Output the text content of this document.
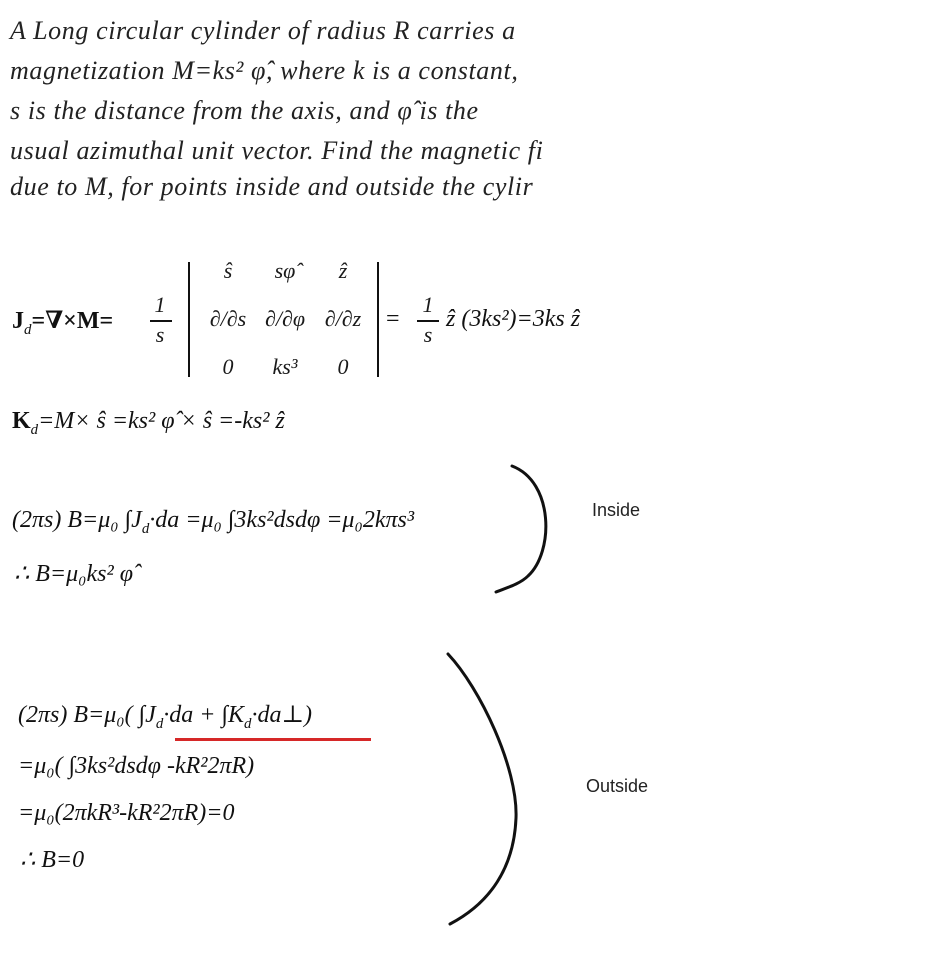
A Long circular cylinder of radius R carries a
magnetization M=ks² φ̂, where k is a constant,
s is the distance from the axis, and φ̂ is the
usual azimuthal unit vector. Find the magnetic fi
due to M, for points inside and outside the cylir
$J_d=\nabla\times M=$
1
s
ŝ	sφ̂	ẑ
∂/∂s ∂/∂φ ∂/∂z
0	ks³	0
=
1
s
ẑ (3ks²)=3ks ẑ
$K_d=M\times$ ŝ =ks² φ̂ × ŝ =-ks² ẑ
(2πs) B=μ₀ $\int J_d\cdot da =\mu_0$ ∫3ks²dsdφ =μ₀2kπs³
∴ B=μ₀ks² φ̂
Inside
(2πs) B=μ₀( $\int J_d\cdot da$ + $\int K_d\cdot da\perp$)
=μ₀( ∫3ks²dsdφ -kR²2πR)
=μ₀(2πkR³-kR²2πR)=0
∴ B=0
Outside
